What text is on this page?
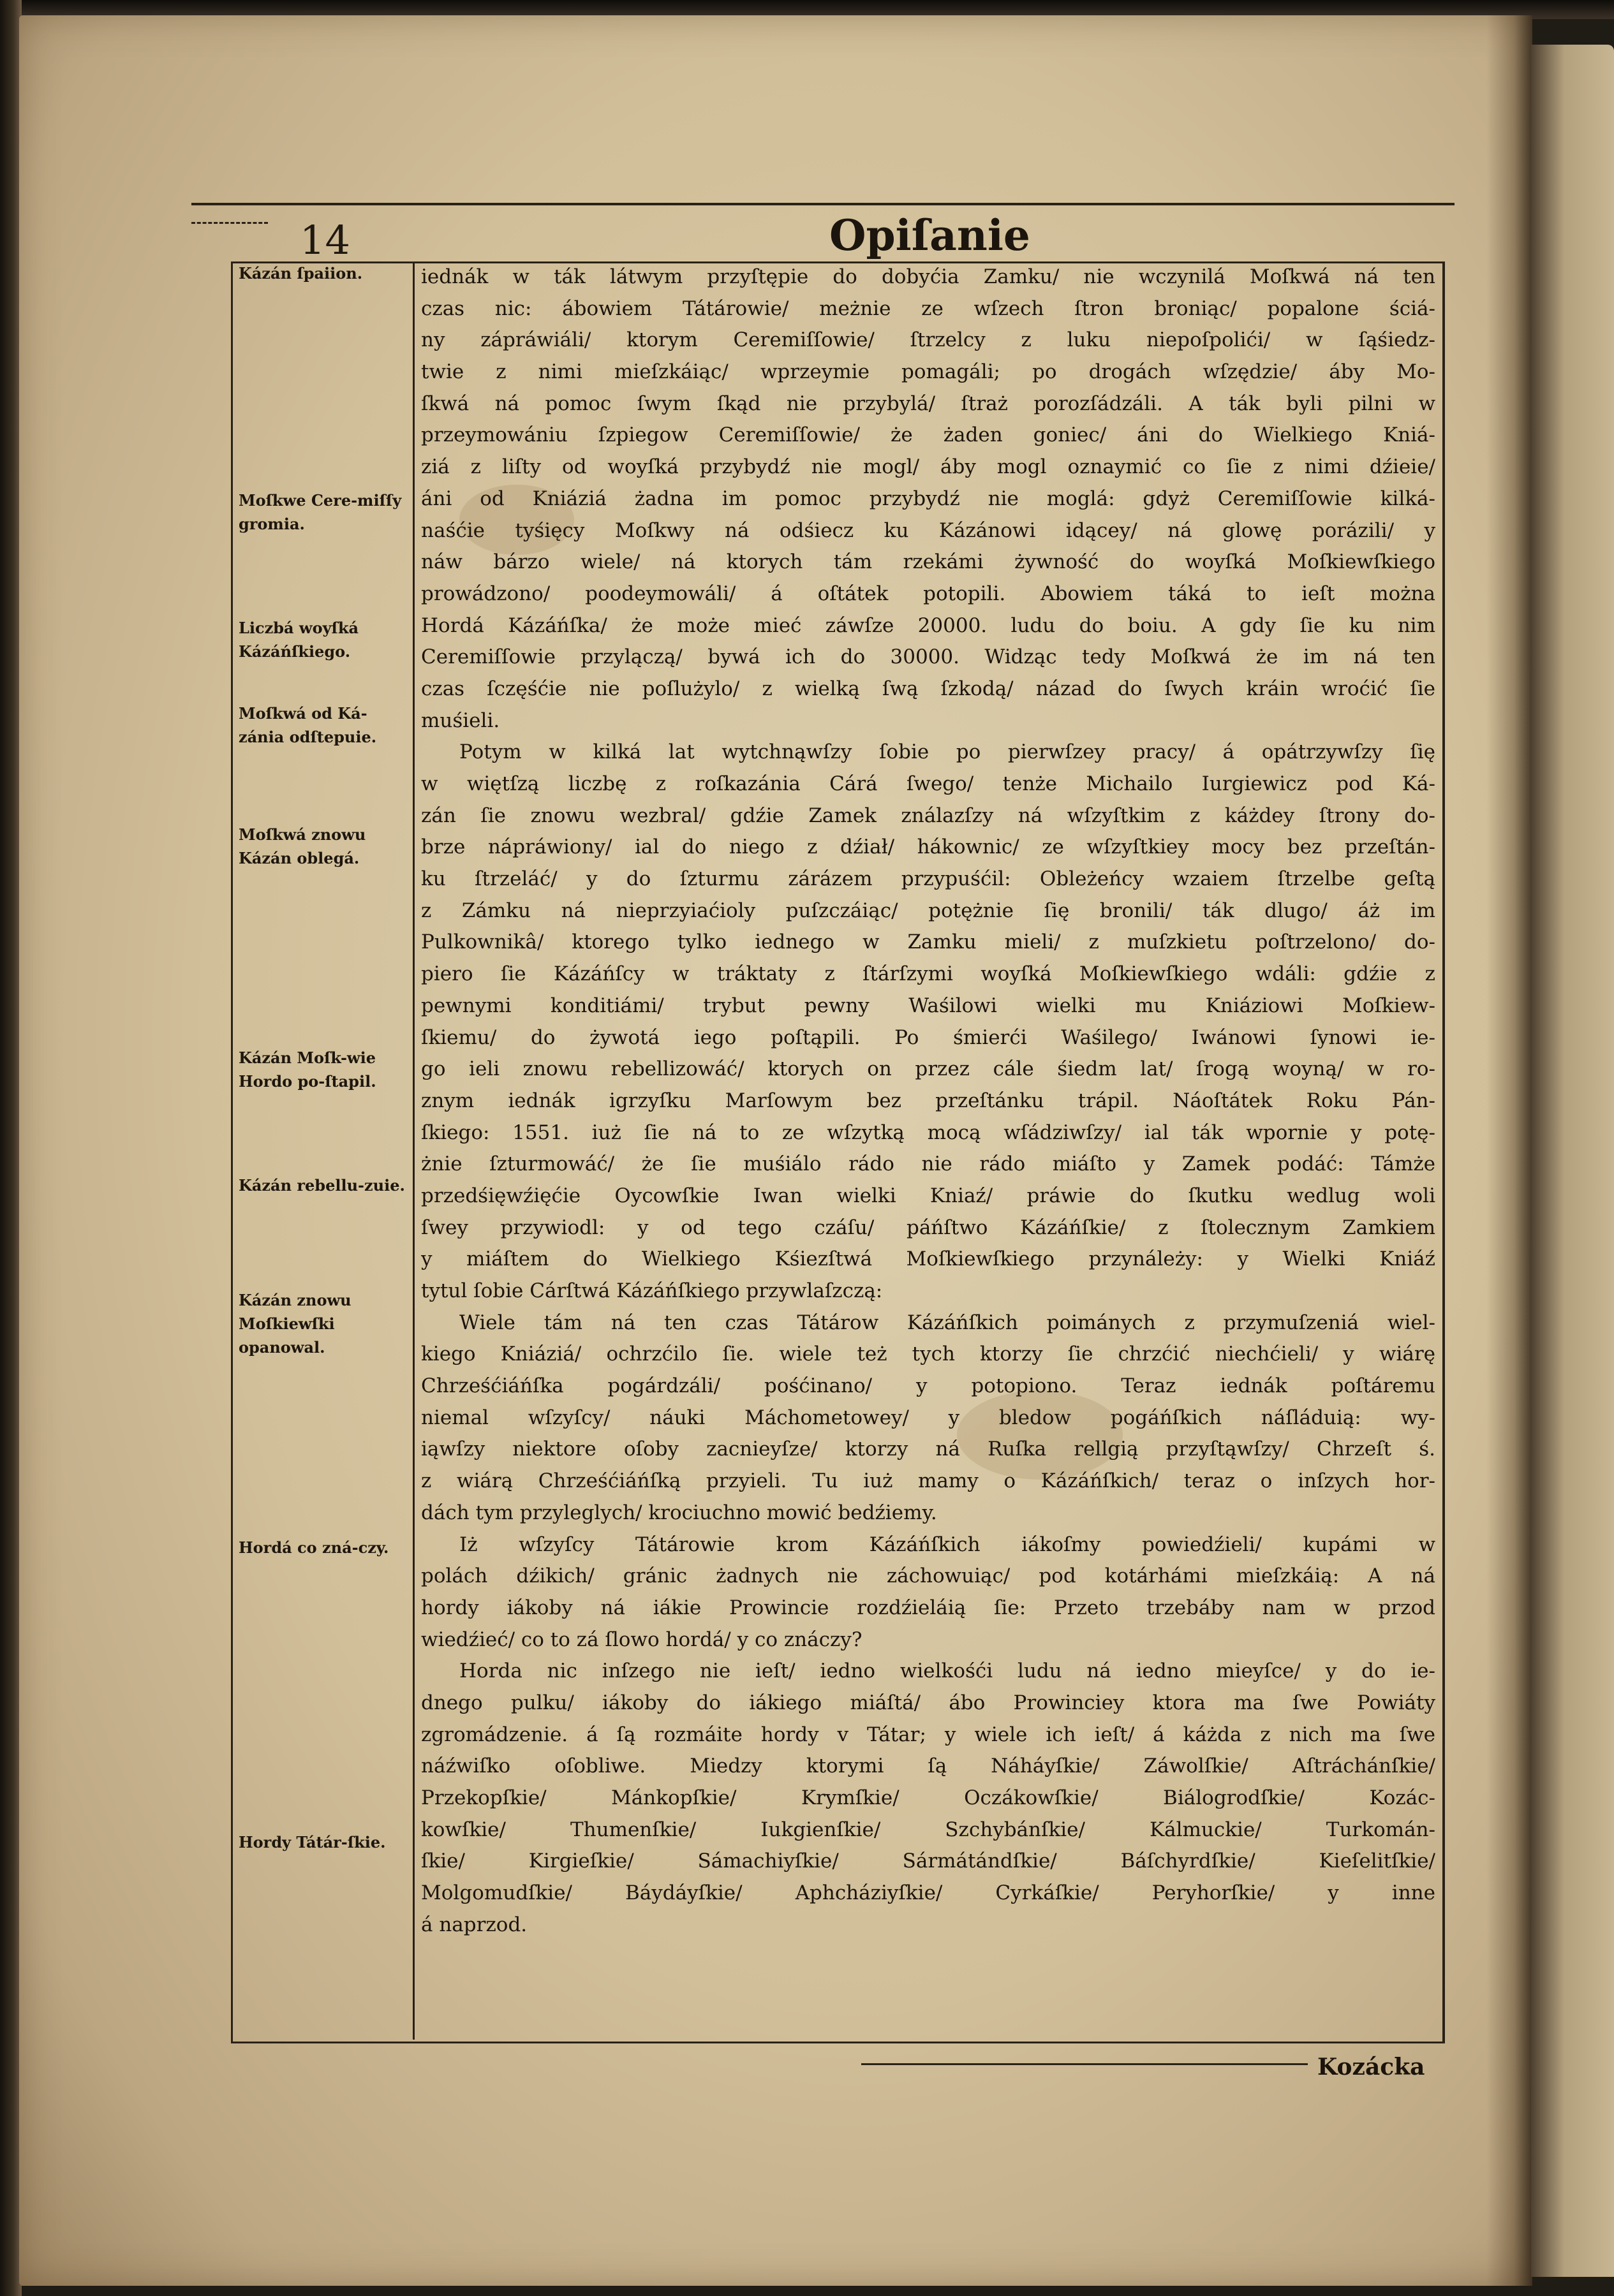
14	Opiſanie
Kázán ſpaiion.
Moſkwe Cere-miſſy gromia.
Liczbá woyſká Kázáńſkiego.
Moſkwá od Ká-zánia odſtepuie.
Moſkwá znowu Kázán oblegá.
Kázán Moſk-wie Hordo po-ſtapil.
Kázán rebellu-zuie.
Kázán znowu Moſkiewſki opanowal.
Hordá co zná-czy.
Hordy Tátár-ſkie.
iednák w ták látwym przyſtępie do dobyćia Zamku/ nie wczynilá Moſkwá ná ten
czas nic: ábowiem Tátárowie/ meżnie ze wſzech ſtron broniąc/ popalone ściá-
ny zápráwiáli/ ktorym Ceremiſſowie/ ſtrzelcy z luku niepoſpolići/ w ſąśiedz-
twie z nimi mieſzkáiąc/ wprzeymie pomagáli; po drogách wſzędzie/ áby Mo-
ſkwá ná pomoc ſwym ſkąd nie przybylá/ ſtraż porozſádzáli. A ták byli pilni w
przeymowániu ſzpiegow Ceremiſſowie/ że żaden goniec/ áni do Wielkiego Kniá-
ziá z liſty od woyſká przybydź nie mogl/ áby mogl oznaymić co ſie z nimi dźieie/
áni od Kniáziá żadna im pomoc przybydź nie moglá: gdyż Ceremiſſowie kilká-
naśćie tyśięcy Moſkwy ná odśiecz ku Kázánowi idącey/ ná glowę porázili/ y
náw bárzo wiele/ ná ktorych tám rzekámi żywność do woyſká Moſkiewſkiego
prowádzono/ poodeymowáli/ á oſtátek potopili. Abowiem táká to ieſt można
Hordá Kázáńſka/ że może mieć záwſze 20000. ludu do boiu. A gdy ſie ku nim
Ceremiſſowie przylączą/ bywá ich do 30000. Widząc tedy Moſkwá że im ná ten
czas ſczęśćie nie poſlużylo/ z wielką ſwą ſzkodą/ názad do ſwych kráin wroćić ſie
muśieli.
Potym w kilká lat wytchnąwſzy ſobie po pierwſzey pracy/ á opátrzywſzy ſię
w więtſzą liczbę z roſkazánia Cárá ſwego/ tenże Michailo Iurgiewicz pod Ká-
zán ſie znowu wezbral/ gdźie Zamek ználazſzy ná wſzyſtkim z káżdey ſtrony do-
brze nápráwiony/ ial do niego z dźiał/ hákownic/ ze wſzyſtkiey mocy bez przeſtán-
ku ſtrzeláć/ y do ſzturmu zárázem przypuśćil: Obleżeńcy wzaiem ſtrzelbe geſtą
z Zámku ná nieprzyiaćioly puſzczáiąc/ potężnie ſię bronili/ ták dlugo/ áż im
Pulkownikâ/ ktorego tylko iednego w Zamku mieli/ z muſzkietu poſtrzelono/ do-
piero ſie Kázáńſcy w tráktaty z ſtárſzymi woyſká Moſkiewſkiego wdáli: gdźie z
pewnymi konditiámi/ trybut pewny Waśilowi wielki mu Kniáziowi Moſkiew-
ſkiemu/ do żywotá iego poſtąpili. Po śmierći Waśilego/ Iwánowi ſynowi ie-
go ieli znowu rebellizowáć/ ktorych on przez cále śiedm lat/ ſrogą woyną/ w ro-
znym iednák igrzyſku Marſowym bez przeſtánku trápil. Náoſtátek Roku Pán-
ſkiego: 1551. iuż ſie ná to ze wſzytką mocą wſádziwſzy/ ial ták wpornie y potę-
żnie ſzturmowáć/ że ſie muśiálo rádo nie rádo miáſto y Zamek podáć: Támże
przedśięwźięćie Oycowſkie Iwan wielki Kniaź/ práwie do ſkutku wedlug woli
ſwey przywiodl: y od tego czáſu/ páńſtwo Kázáńſkie/ z ſtolecznym Zamkiem
y miáſtem do Wielkiego Kśiezſtwá Moſkiewſkiego przynáleży: y Wielki Kniáź
tytul ſobie Cárſtwá Kázáńſkiego przywlaſzczą:
Wiele tám ná ten czas Tátárow Kázáńſkich poimánych z przymuſzeniá wiel-
kiego Kniáziá/ ochrzćilo ſie. wiele też tych ktorzy ſie chrzćić niechćieli/ y wiárę
Chrześćiáńſka pogárdzáli/ pośćinano/ y potopiono. Teraz iednák poſtáremu
niemal wſzyſcy/ náuki Máchometowey/ y bledow pogáńſkich náſláduią: wy-
iąwſzy niektore oſoby zacnieyſze/ ktorzy ná Ruſka rellgią przyſtąwſzy/ Chrzeſt ś.
z wiárą Chrześćiáńſką przyieli. Tu iuż mamy o Kázáńſkich/ teraz o inſzych hor-
dách tym przyleglych/ krociuchno mowić bedźiemy.
Iż wſzyſcy Tátárowie krom Kázáńſkich iákoſmy powiedźieli/ kupámi w
polách dźikich/ gránic żadnych nie záchowuiąc/ pod kotárhámi mieſzkáią: A ná
hordy iákoby ná iákie Prowincie rozdźieláią ſie: Przeto trzebáby nam w przod
wiedźieć/ co to zá ſlowo hordá/ y co znáczy?
Horda nic inſzego nie ieſt/ iedno wielkośći ludu ná iedno mieyſce/ y do ie-
dnego pulku/ iákoby do iákiego miáſtá/ ábo Prowinciey ktora ma ſwe Powiáty
zgromádzenie. á ſą rozmáite hordy v Tátar; y wiele ich ieſt/ á káżda z nich ma ſwe
náźwiſko oſobliwe. Miedzy ktorymi ſą Náháyſkie/ Záwolſkie/ Aſtráchánſkie/
Przekopſkie/ Mánkopſkie/ Krymſkie/ Oczákowſkie/ Biálogrodſkie/ Kozác-
kowſkie/ Thumenſkie/ Iukgienſkie/ Szchybánſkie/ Kálmuckie/ Turkomán-
ſkie/ Kirgieſkie/ Sámachiyſkie/ Sármátándſkie/ Báſchyrdſkie/ Kieſelitſkie/
Molgomudſkie/ Báydáyſkie/ Aphcháziyſkie/ Cyrkáſkie/ Peryhorſkie/ y inne
á naprzod.
Kozácka
